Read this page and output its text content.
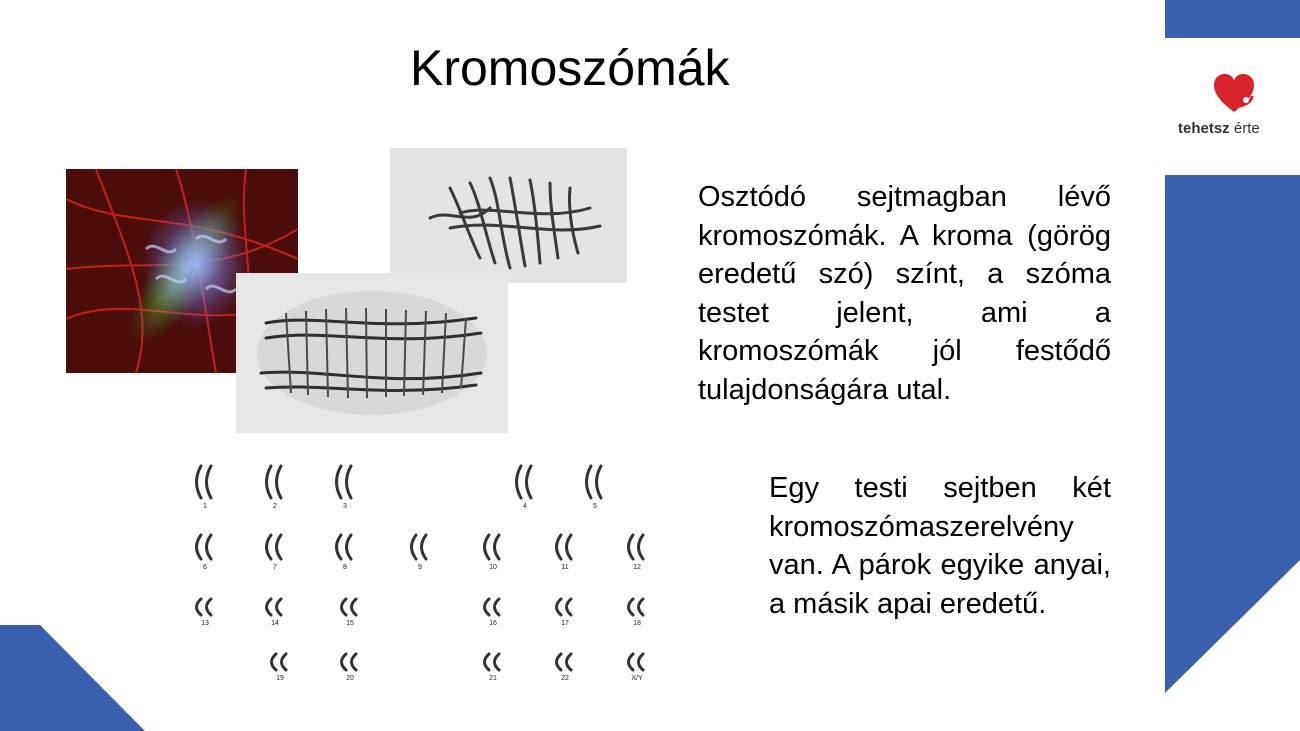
tehetsz érte
Kromoszómák
1	2	3	4	5
6	7	8	9	10	11	12
13	14	15	16	17	18
19	20	21	22	X/Y
Osztódó sejtmagban lévő kromoszómák. A kroma (görög eredetű szó) színt, a szóma testet jelent, ami a kromoszómák jól festődő tulajdonságára utal.
Egy testi sejtben két kromoszómaszerelvény van. A párok egyike anyai, a másik apai eredetű.
